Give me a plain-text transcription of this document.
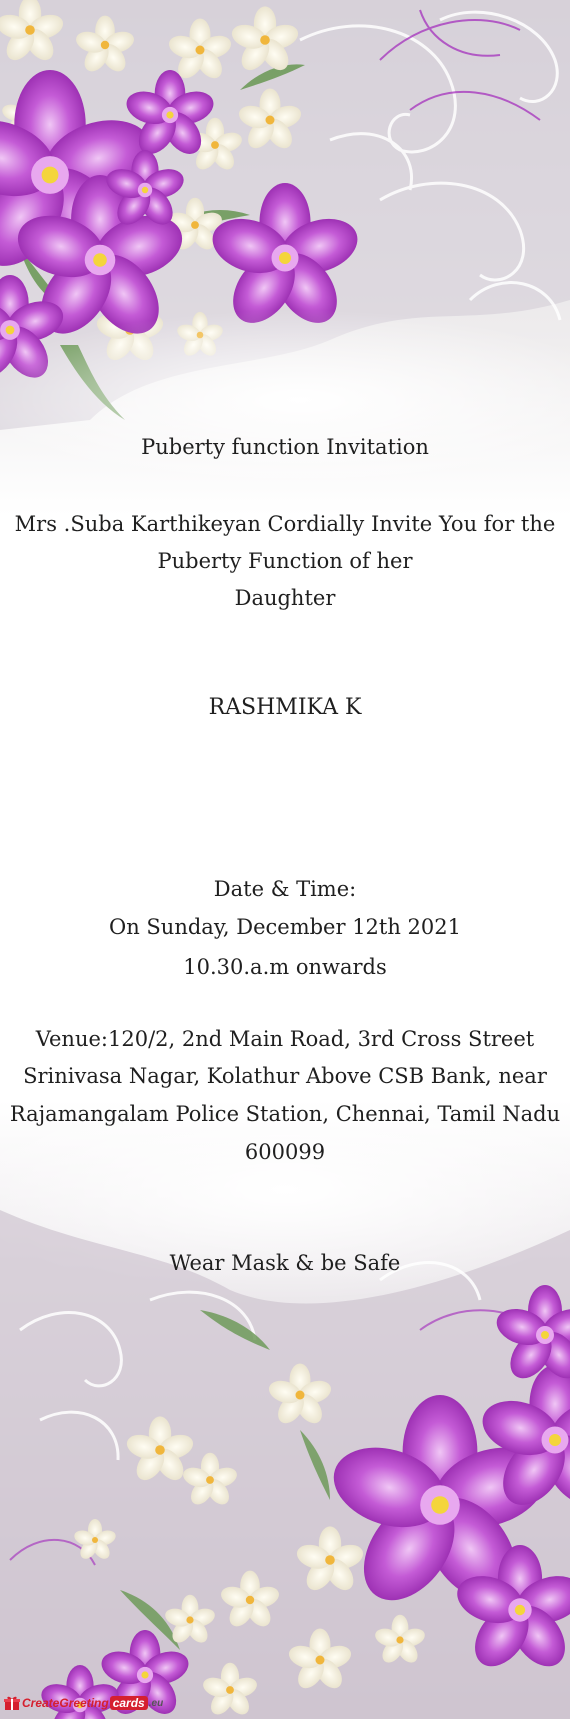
Puberty function Invitation
Mrs .Suba Karthikeyan Cordially Invite You for the
Puberty Function of her
Daughter
RASHMIKA K
Date & Time:
On Sunday, December 12th 2021
10.30.a.m onwards
Venue:120/2, 2nd Main Road, 3rd Cross Street
Srinivasa Nagar, Kolathur Above CSB Bank, near
Rajamangalam Police Station, Chennai, Tamil Nadu
600099
Wear Mask & be Safe
CreateGreeting cards .eu
